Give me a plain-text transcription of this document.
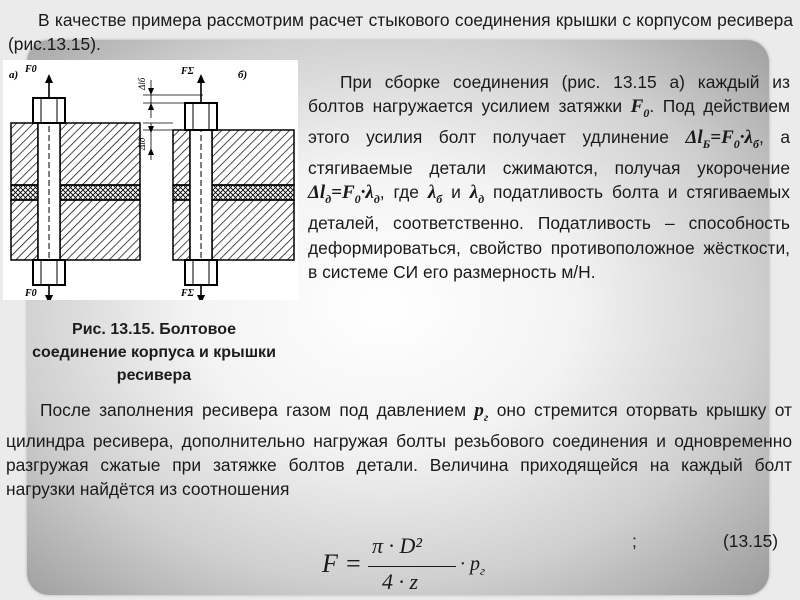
В качестве примера рассмотрим расчет стыкового соединения крышки с корпусом ресивера (рис.13.15).

а) F0
F0
Δlб
Δlд
б)
FΣ
FΣ
Рис. 13.15. Болтовое соединение корпуса и крышки ресивера

При сборке соединения (рис. 13.15 а) каждый из болтов нагружается усилием затяжки $F_0$. Под действием этого усилия болт получает удлинение $\Delta l_Б=F_0\cdot\lambda_б$, а стягиваемые детали сжимаются, получая укорочение $\Delta l_д=F_0\cdot\lambda_д$, где $\lambda_б$ и $\lambda_д$ податливость болта и стягиваемых деталей, соответственно. Податливость – способность деформироваться, свойство противоположное жёсткости, в системе СИ его размерность м/Н.

После заполнения ресивера газом под давлением $p_г$ оно стремится оторвать крышку от цилиндра ресивера, дополнительно нагружая болты резьбового соединения и одновременно разгружая сжатые при затяжке болтов детали. Величина приходящейся на каждый болт нагрузки найдётся из соотношения

F =
π · D²
4 · z
· $p_г$
;	(13.15)
